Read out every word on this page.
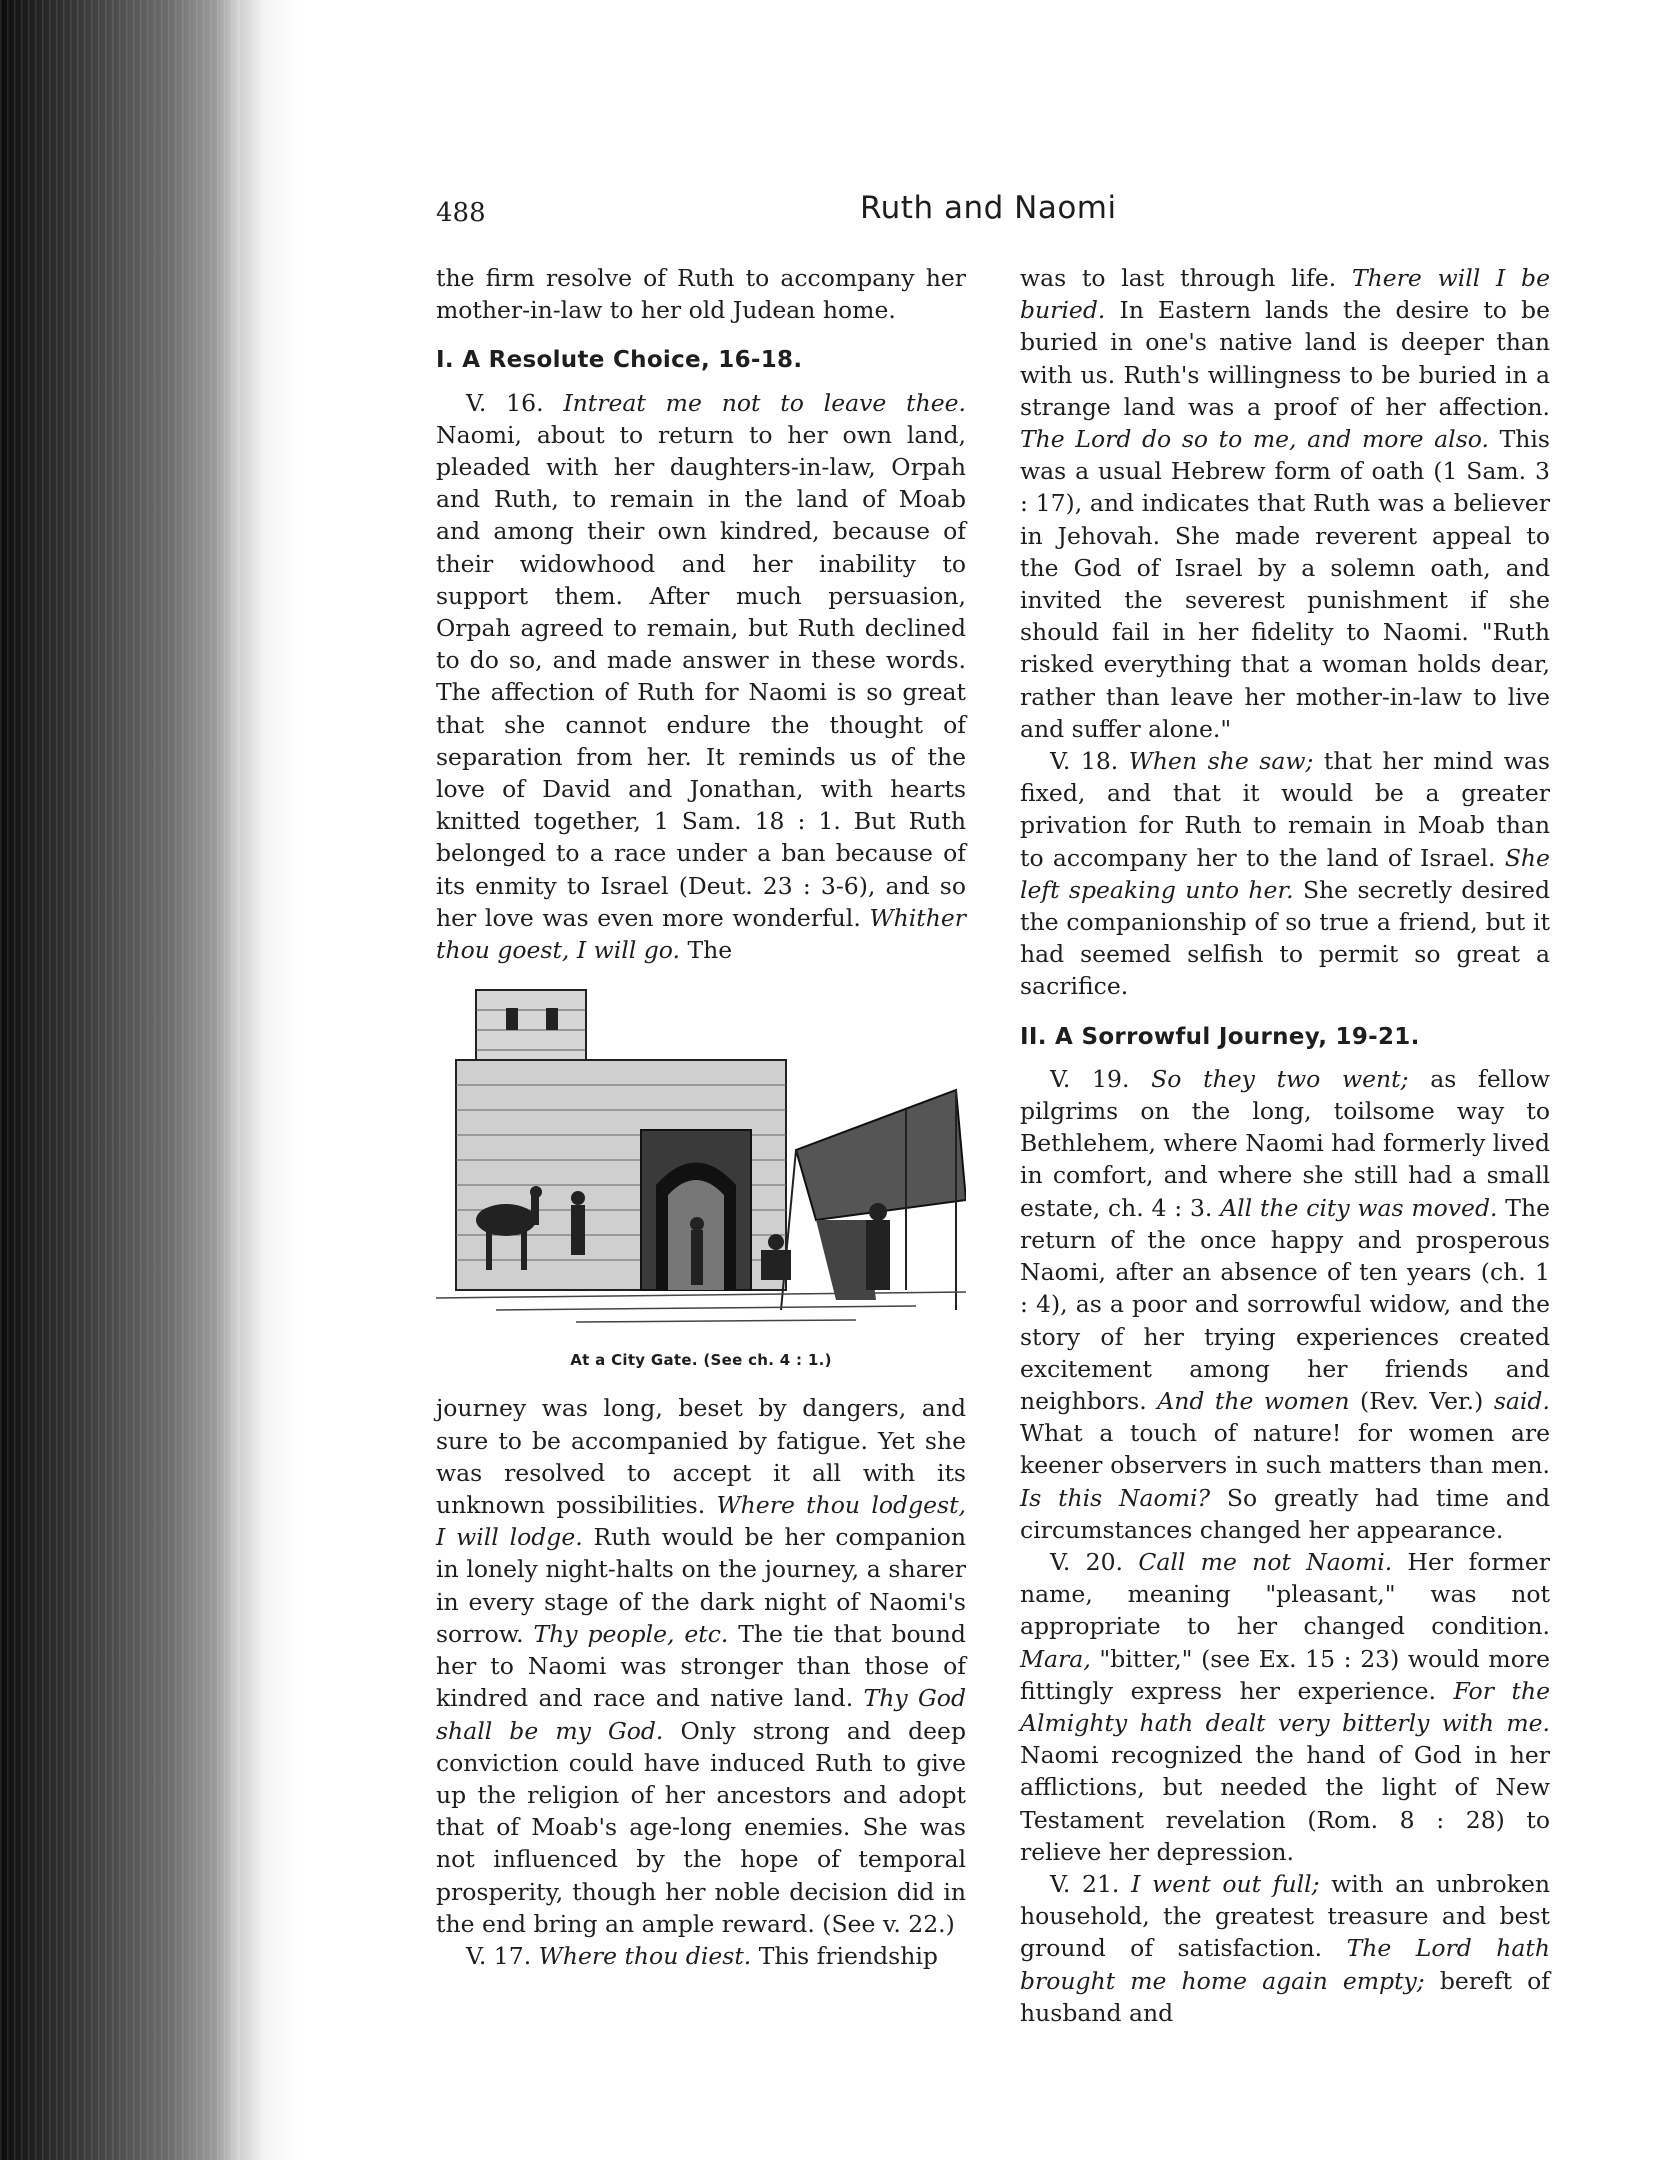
488	Ruth and Naomi

the firm resolve of Ruth to accompany her mother-in-law to her old Judean home.

I. A Resolute Choice, 16-18.

V. 16. Intreat me not to leave thee. Naomi, about to return to her own land, pleaded with her daughters-in-law, Orpah and Ruth, to remain in the land of Moab and among their own kindred, because of their widowhood and her inability to support them. After much persuasion, Orpah agreed to remain, but Ruth declined to do so, and made answer in these words. The affection of Ruth for Naomi is so great that she cannot endure the thought of separation from her. It reminds us of the love of David and Jonathan, with hearts knitted together, 1 Sam. 18 : 1. But Ruth belonged to a race under a ban because of its enmity to Israel (Deut. 23 : 3-6), and so her love was even more wonderful. Whither thou goest, I will go. The

At a City Gate. (See ch. 4 : 1.)

journey was long, beset by dangers, and sure to be accompanied by fatigue. Yet she was resolved to accept it all with its unknown possibilities. Where thou lodgest, I will lodge. Ruth would be her companion in lonely night-halts on the journey, a sharer in every stage of the dark night of Naomi's sorrow. Thy people, etc. The tie that bound her to Naomi was stronger than those of kindred and race and native land. Thy God shall be my God. Only strong and deep conviction could have induced Ruth to give up the religion of her ancestors and adopt that of Moab's age-long enemies. She was not influenced by the hope of temporal prosperity, though her noble decision did in the end bring an ample reward. (See v. 22.)

V. 17. Where thou diest. This friendship

was to last through life. There will I be buried. In Eastern lands the desire to be buried in one's native land is deeper than with us. Ruth's willingness to be buried in a strange land was a proof of her affection. The Lord do so to me, and more also. This was a usual Hebrew form of oath (1 Sam. 3 : 17), and indicates that Ruth was a believer in Jehovah. She made reverent appeal to the God of Israel by a solemn oath, and invited the severest punishment if she should fail in her fidelity to Naomi. "Ruth risked everything that a woman holds dear, rather than leave her mother-in-law to live and suffer alone."

V. 18. When she saw; that her mind was fixed, and that it would be a greater privation for Ruth to remain in Moab than to accompany her to the land of Israel. She left speaking unto her. She secretly desired the companionship of so true a friend, but it had seemed selfish to permit so great a sacrifice.

II. A Sorrowful Journey, 19-21.

V. 19. So they two went; as fellow pilgrims on the long, toilsome way to Bethlehem, where Naomi had formerly lived in comfort, and where she still had a small estate, ch. 4 : 3. All the city was moved. The return of the once happy and prosperous Naomi, after an absence of ten years (ch. 1 : 4), as a poor and sorrowful widow, and the story of her trying experiences created excitement among her friends and neighbors. And the women (Rev. Ver.) said. What a touch of nature! for women are keener observers in such matters than men. Is this Naomi? So greatly had time and circumstances changed her appearance.

V. 20. Call me not Naomi. Her former name, meaning "pleasant," was not appropriate to her changed condition. Mara, "bitter," (see Ex. 15 : 23) would more fittingly express her experience. For the Almighty hath dealt very bitterly with me. Naomi recognized the hand of God in her afflictions, but needed the light of New Testament revelation (Rom. 8 : 28) to relieve her depression.

V. 21. I went out full; with an unbroken household, the greatest treasure and best ground of satisfaction. The Lord hath brought me home again empty; bereft of husband and
